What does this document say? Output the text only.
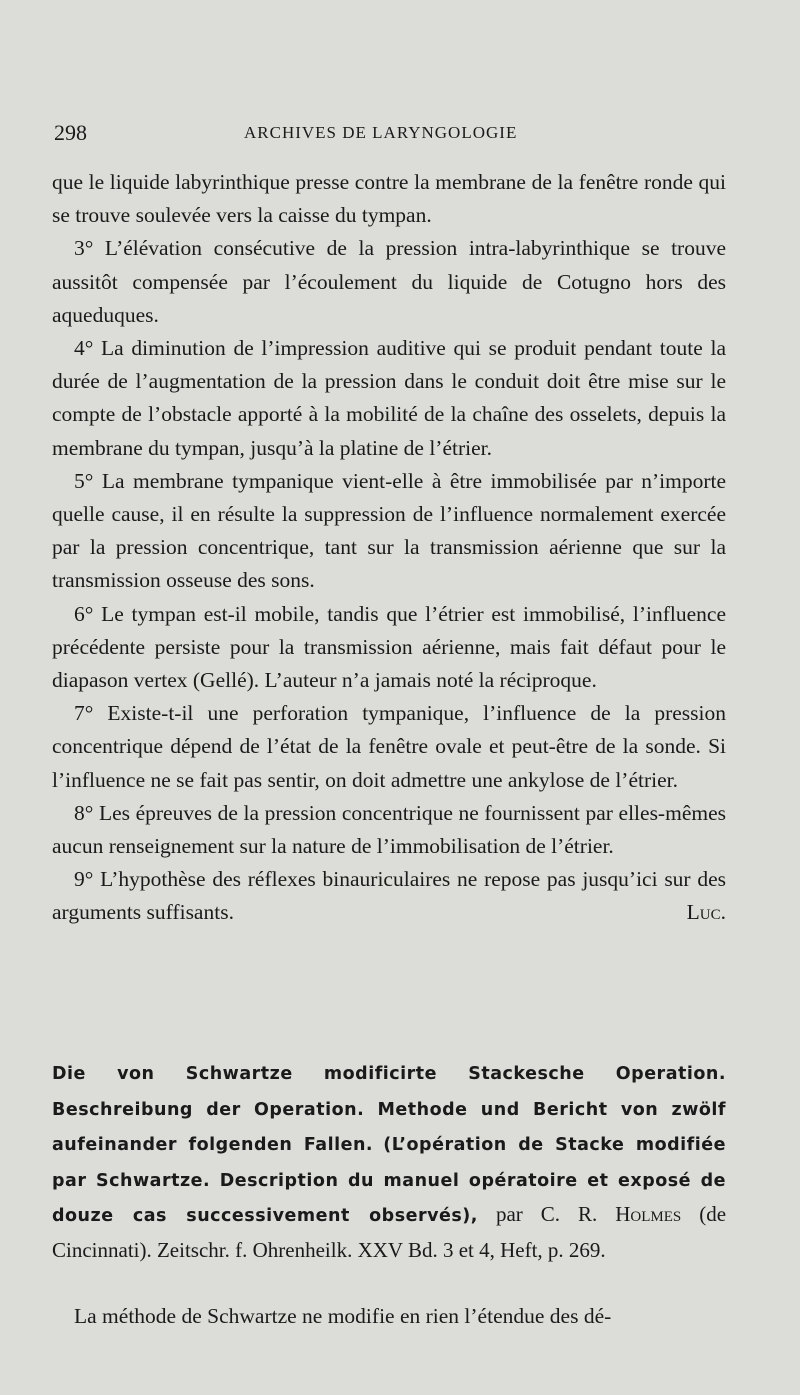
298	ARCHIVES DE LARYNGOLOGIE

que le liquide labyrinthique presse contre la membrane de la fenêtre ronde qui se trouve soulevée vers la caisse du tympan.

3° L’élévation consécutive de la pression intra-labyrinthique se trouve aussitôt compensée par l’écoulement du liquide de Cotugno hors des aqueduques.

4° La diminution de l’impression auditive qui se produit pendant toute la durée de l’augmentation de la pression dans le conduit doit être mise sur le compte de l’obstacle apporté à la mobilité de la chaîne des osselets, depuis la membrane du tympan, jusqu’à la platine de l’étrier.

5° La membrane tympanique vient-elle à être immobilisée par n’importe quelle cause, il en résulte la suppression de l’influence normalement exercée par la pression concentrique, tant sur la transmission aérienne que sur la transmission osseuse des sons.

6° Le tympan est-il mobile, tandis que l’étrier est immobilisé, l’influence précédente persiste pour la transmission aérienne, mais fait défaut pour le diapason vertex (Gellé). L’auteur n’a jamais noté la réciproque.

7° Existe-t-il une perforation tympanique, l’influence de la pression concentrique dépend de l’état de la fenêtre ovale et peut-être de la sonde. Si l’influence ne se fait pas sentir, on doit admettre une ankylose de l’étrier.

8° Les épreuves de la pression concentrique ne fournissent par elles-mêmes aucun renseignement sur la nature de l’immobilisation de l’étrier.

9° L’hypothèse des réflexes binauriculaires ne repose pas jusqu’ici sur des arguments suffisants.	Luc.

Die von Schwartze modificirte Stackesche Operation. Beschreibung der Operation. Methode und Bericht von zwölf aufeinander folgenden Fallen. (L’opération de Stacke modifiée par Schwartze. Description du manuel opératoire et exposé de douze cas successivement observés), par C. R. Holmes (de Cincinnati). Zeitschr. f. Ohrenheilk. XXV Bd. 3 et 4, Heft, p. 269.
La méthode de Schwartze ne modifie en rien l’étendue des dé-
